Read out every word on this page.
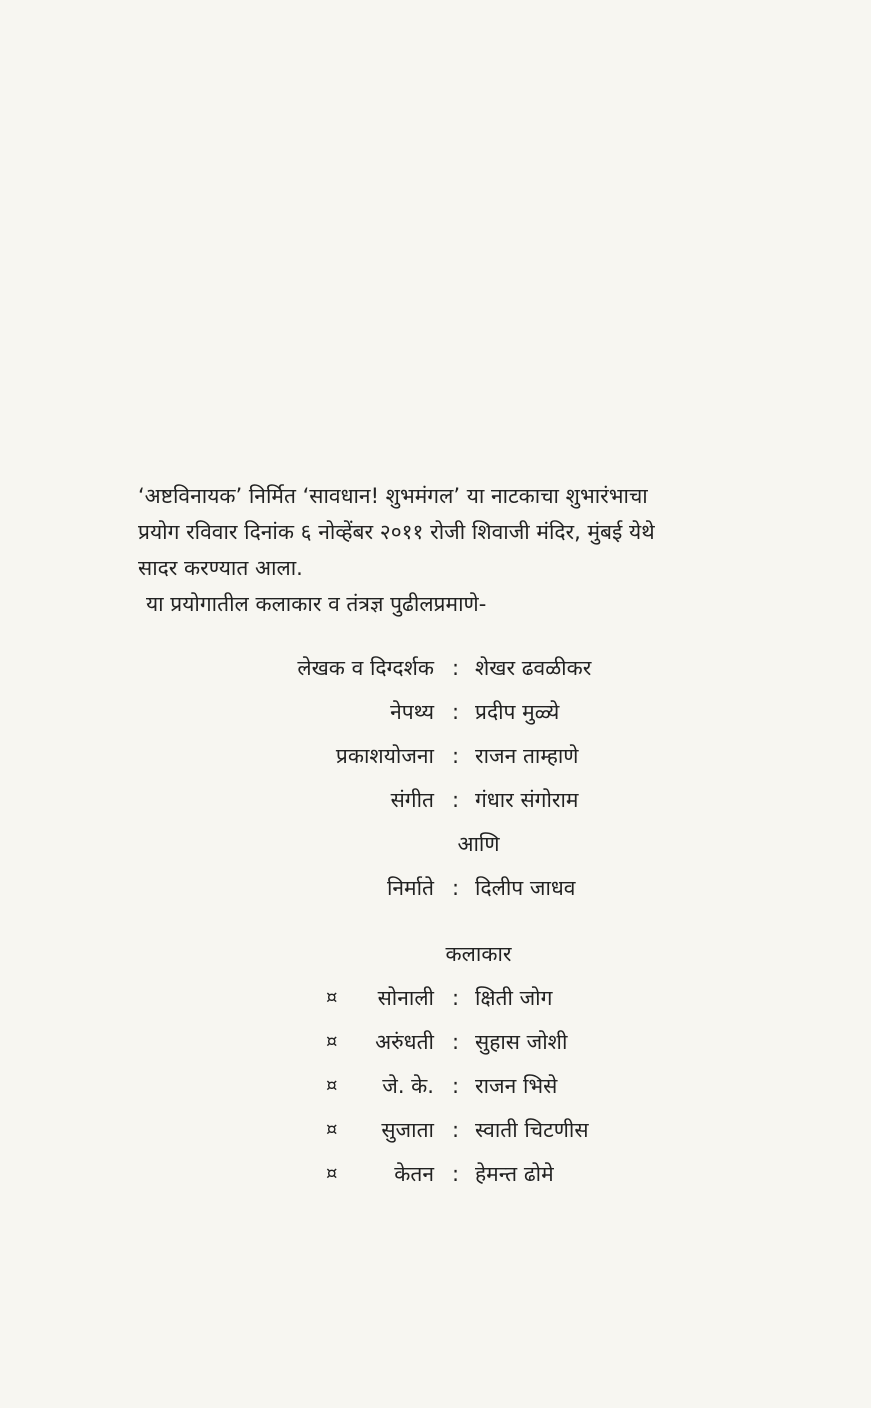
‘अष्टविनायक’ निर्मित ‘सावधान! शुभमंगल’ या नाटकाचा शुभारंभाचा

प्रयोग रविवार दिनांक ६ नोव्हेंबर २०११ रोजी शिवाजी मंदिर, मुंबई येथे

सादर करण्यात आला.

या प्रयोगातील कलाकार व तंत्रज्ञ पुढीलप्रमाणे-

लेखक व दिग्दर्शक : शेखर ढवळीकर
नेपथ्य : प्रदीप मुळ्ये
प्रकाशयोजना : राजन ताम्हाणे
संगीत : गंधार संगोराम
आणि
निर्माते : दिलीप जाधव
कलाकार
¤ सोनाली : क्षिती जोग
¤ अरुंधती : सुहास जोशी
¤ जे. के. : राजन भिसे
¤ सुजाता : स्वाती चिटणीस
¤	केतन : हेमन्त ढोमे
